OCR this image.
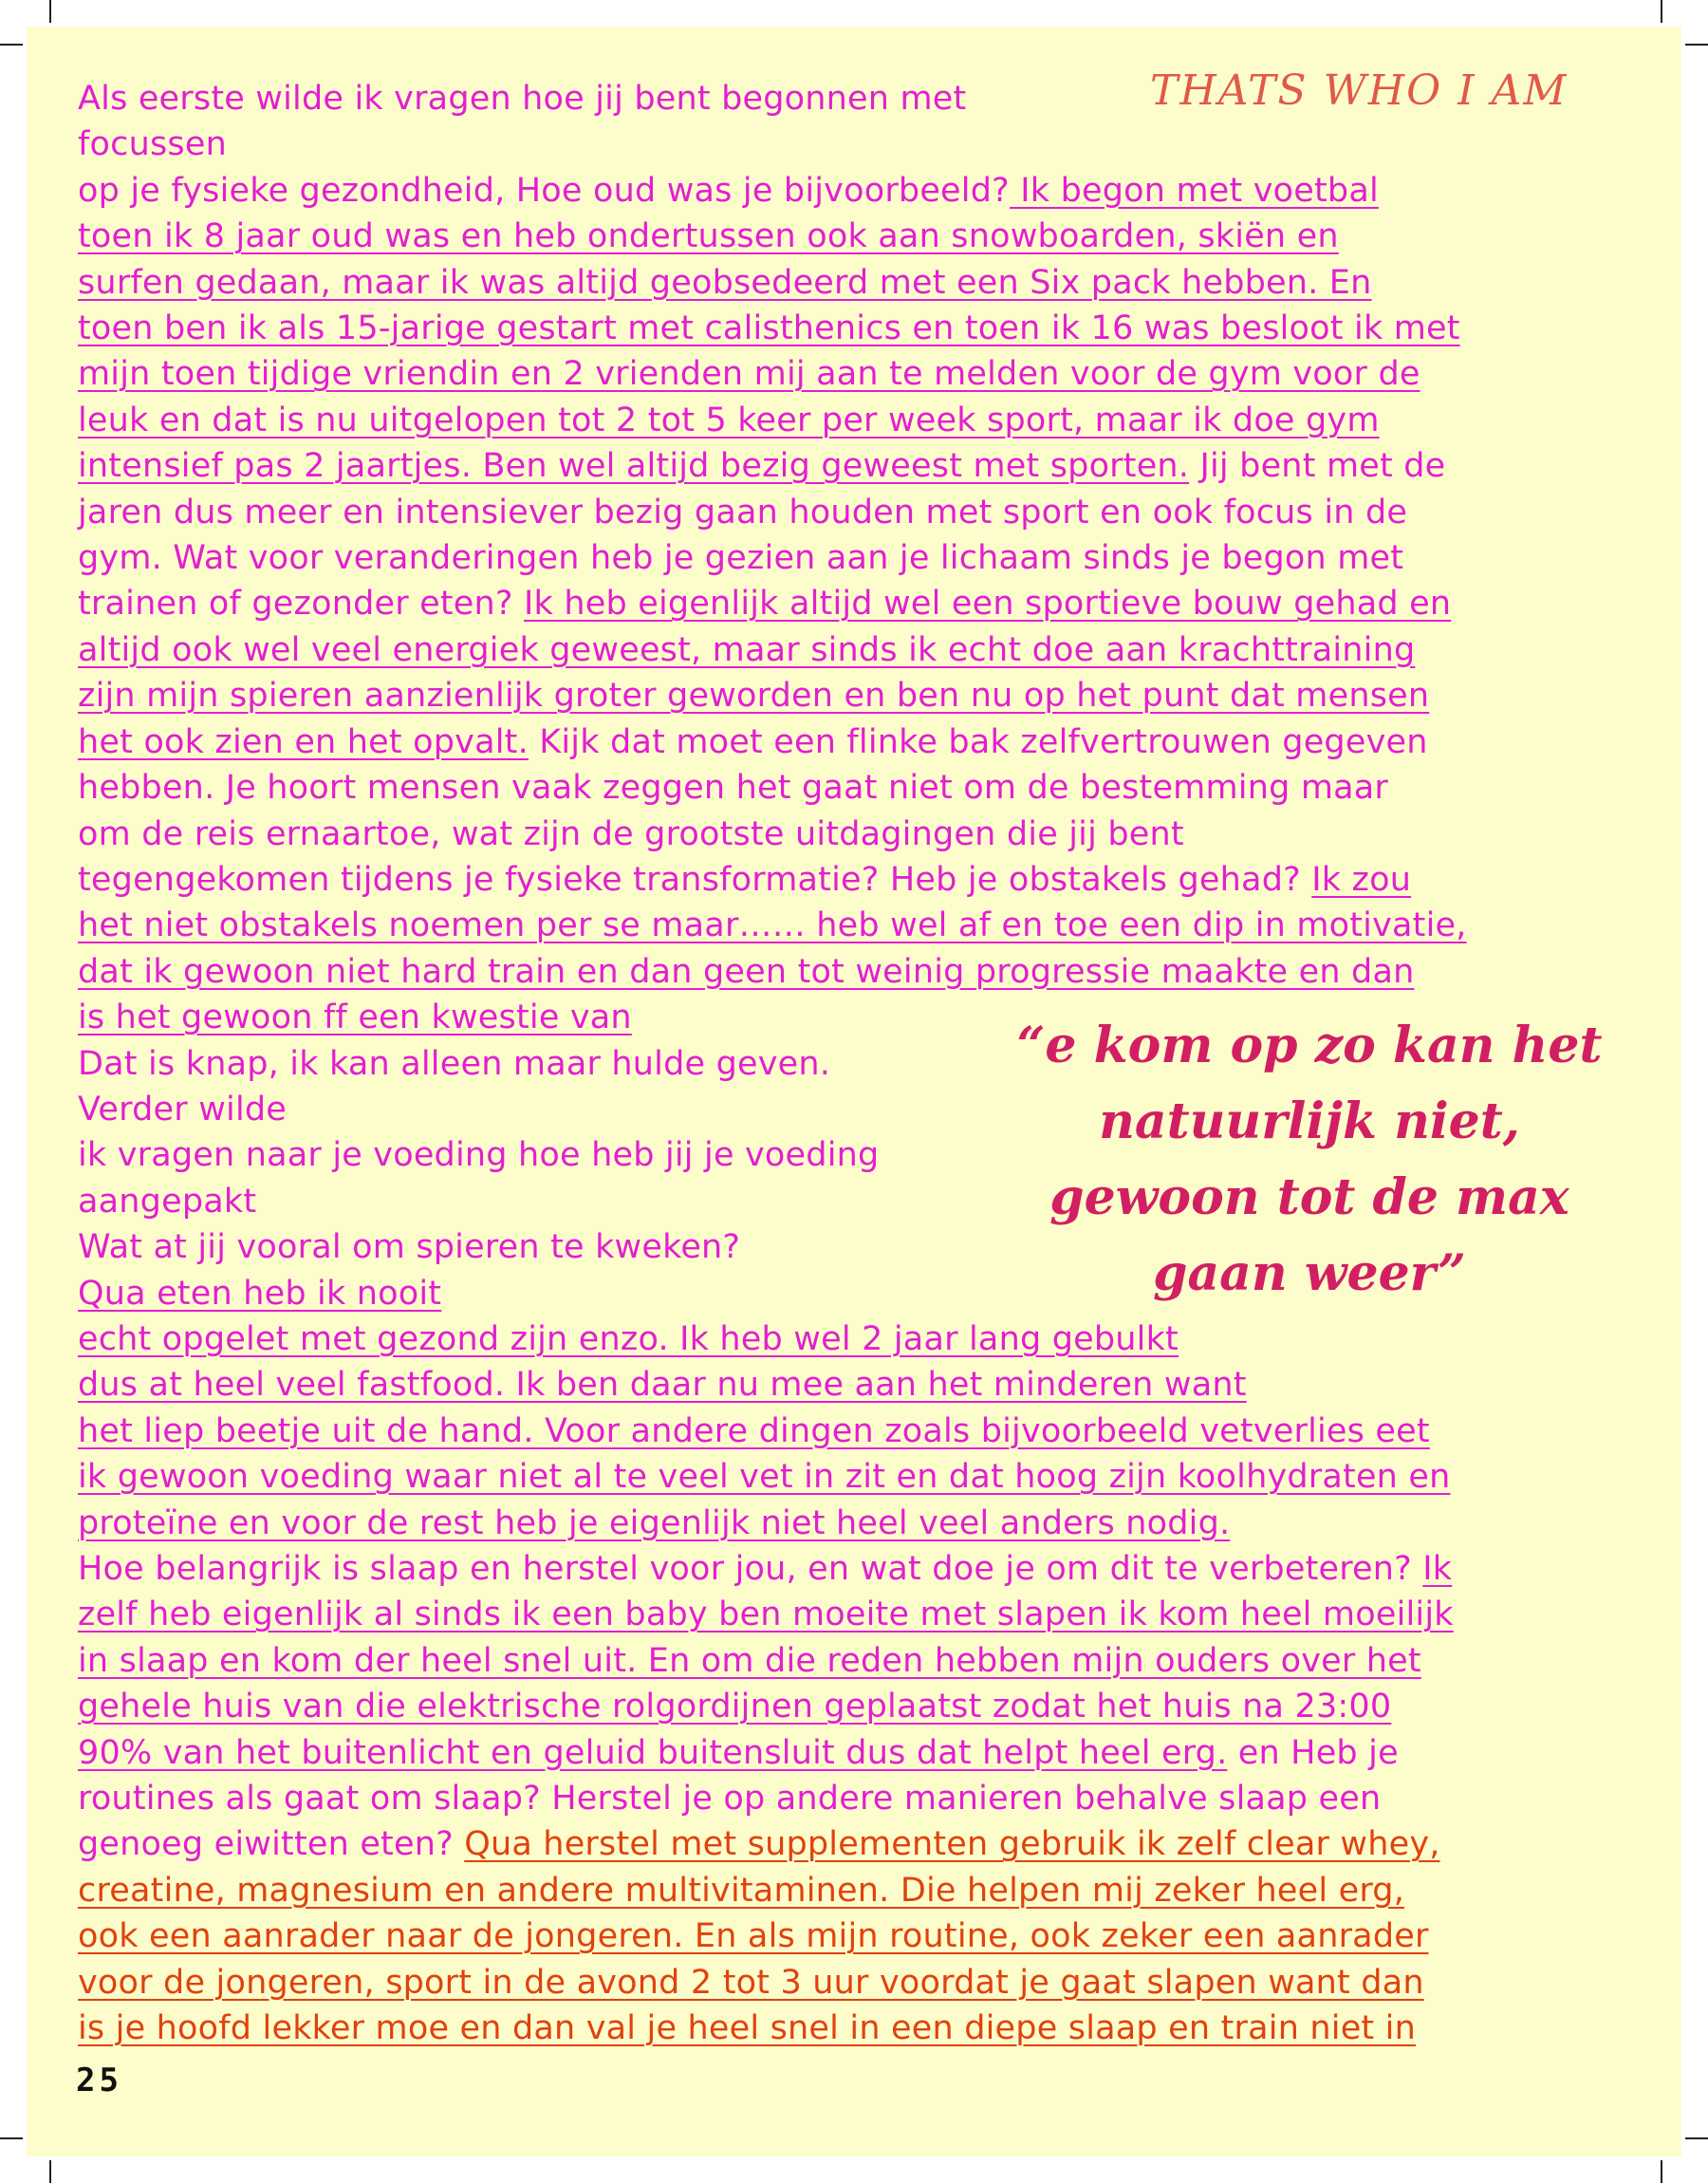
THATS WHO I AM
Als eerste wilde ik vragen hoe jij bent begonnen met
focussen
op je fysieke gezondheid, Hoe oud was je bijvoorbeeld? Ik begon met voetbal
toen ik 8 jaar oud was en heb ondertussen ook aan snowboarden, skiën en
surfen gedaan, maar ik was altijd geobsedeerd met een Six pack hebben. En
toen ben ik als 15-jarige gestart met calisthenics en toen ik 16 was besloot ik met
mijn toen tijdige vriendin en 2 vrienden mij aan te melden voor de gym voor de
leuk en dat is nu uitgelopen tot 2 tot 5 keer per week sport, maar ik doe gym
intensief pas 2 jaartjes. Ben wel altijd bezig geweest met sporten. Jij bent met de
jaren dus meer en intensiever bezig gaan houden met sport en ook focus in de
gym. Wat voor veranderingen heb je gezien aan je lichaam sinds je begon met
trainen of gezonder eten? Ik heb eigenlijk altijd wel een sportieve bouw gehad en
altijd ook wel veel energiek geweest, maar sinds ik echt doe aan krachttraining
zijn mijn spieren aanzienlijk groter geworden en ben nu op het punt dat mensen
het ook zien en het opvalt. Kijk dat moet een flinke bak zelfvertrouwen gegeven
hebben. Je hoort mensen vaak zeggen het gaat niet om de bestemming maar
om de reis ernaartoe, wat zijn de grootste uitdagingen die jij bent
tegengekomen tijdens je fysieke transformatie? Heb je obstakels gehad? Ik zou
het niet obstakels noemen per se maar…… heb wel af en toe een dip in motivatie,
dat ik gewoon niet hard train en dan geen tot weinig progressie maakte en dan
is het gewoon ff een kwestie van
Dat is knap, ik kan alleen maar hulde geven.
Verder wilde
ik vragen naar je voeding hoe heb jij je voeding
aangepakt
Wat at jij vooral om spieren te kweken?
Qua eten heb ik nooit
echt opgelet met gezond zijn enzo. Ik heb wel 2 jaar lang gebulkt
dus at heel veel fastfood. Ik ben daar nu mee aan het minderen want
het liep beetje uit de hand. Voor andere dingen zoals bijvoorbeeld vetverlies eet
ik gewoon voeding waar niet al te veel vet in zit en dat hoog zijn koolhydraten en
proteïne en voor de rest heb je eigenlijk niet heel veel anders nodig.
Hoe belangrijk is slaap en herstel voor jou, en wat doe je om dit te verbeteren? Ik
zelf heb eigenlijk al sinds ik een baby ben moeite met slapen ik kom heel moeilijk
in slaap en kom der heel snel uit. En om die reden hebben mijn ouders over het
gehele huis van die elektrische rolgordijnen geplaatst zodat het huis na 23:00
90% van het buitenlicht en geluid buitensluit dus dat helpt heel erg. en Heb je
routines als gaat om slaap? Herstel je op andere manieren behalve slaap een
genoeg eiwitten eten? Qua herstel met supplementen gebruik ik zelf clear whey,
creatine, magnesium en andere multivitaminen. Die helpen mij zeker heel erg,
ook een aanrader naar de jongeren. En als mijn routine, ook zeker een aanrader
voor de jongeren, sport in de avond 2 tot 3 uur voordat je gaat slapen want dan
is je hoofd lekker moe en dan val je heel snel in een diepe slaap en train niet in
“e kom op zo kan het natuurlijk niet, gewoon tot de max gaan weer”
25
